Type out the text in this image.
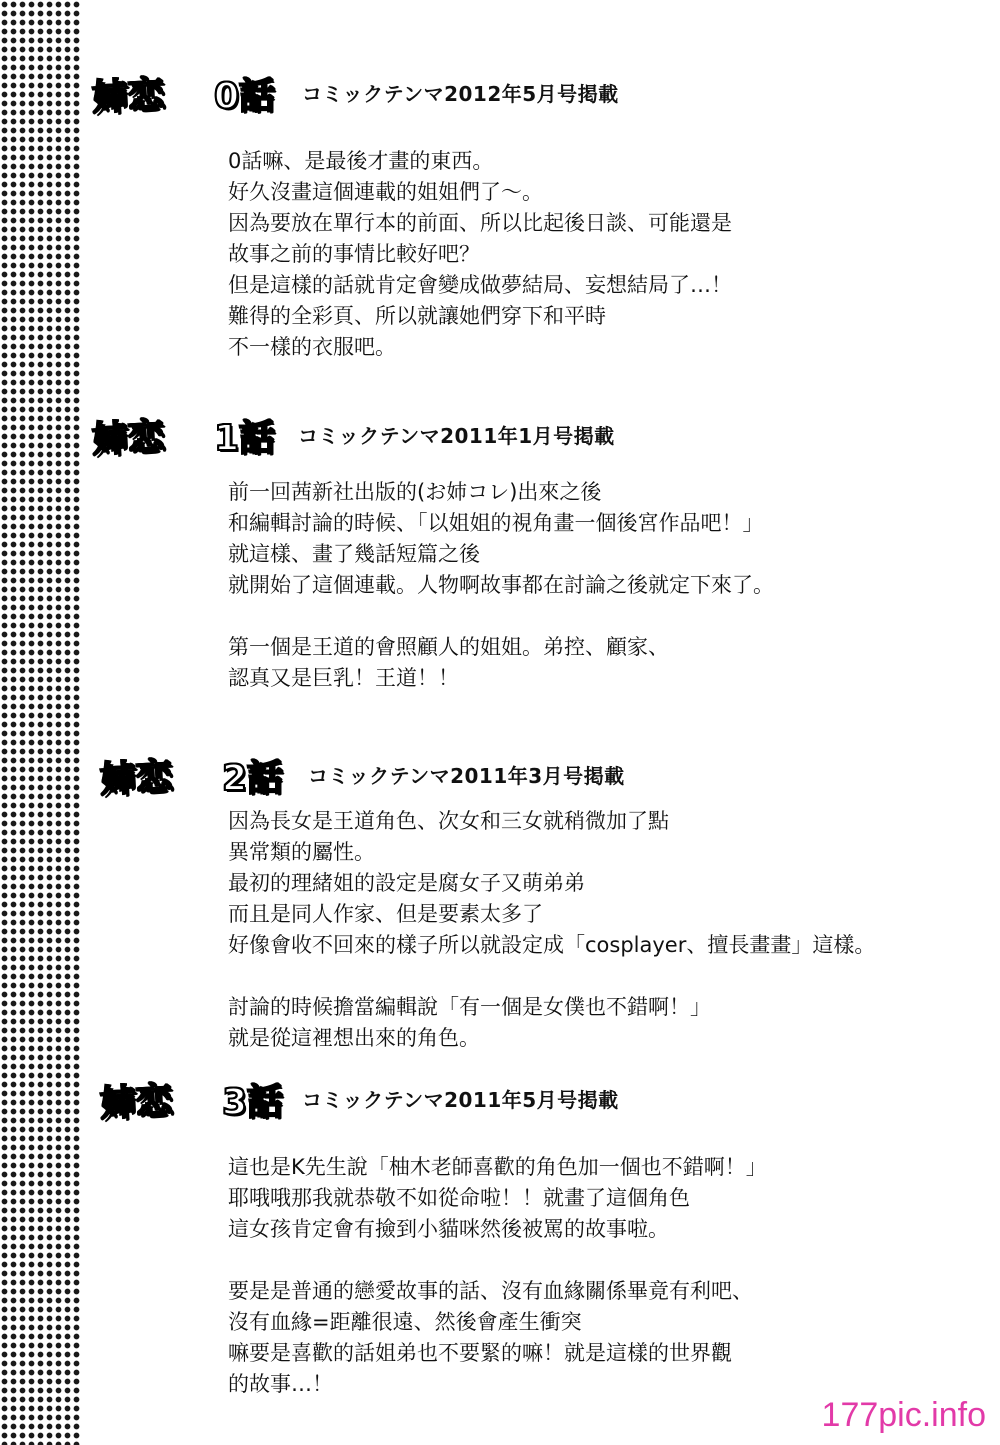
姉恋 0話 コミックテンマ2012年5月号掲載
0話嘛、是最後才畫的東西。
好久沒畫這個連載的姐姐們了～。
因為要放在單行本的前面、所以比起後日談、可能還是
故事之前的事情比較好吧？
但是這樣的話就肯定會變成做夢結局、妄想結局了…！
難得的全彩頁、所以就讓她們穿下和平時
不一樣的衣服吧。
姉恋 1話 コミックテンマ2011年1月号掲載
前一回茜新社出版的(お姉コレ)出來之後
和編輯討論的時候、「以姐姐的視角畫一個後宮作品吧！」
就這樣、畫了幾話短篇之後
就開始了這個連載。人物啊故事都在討論之後就定下來了。
第一個是王道的會照顧人的姐姐。弟控、顧家、
認真又是巨乳！王道！！
姉恋 2話 コミックテンマ2011年3月号掲載
因為長女是王道角色、次女和三女就稍微加了點
異常類的屬性。
最初的理緒姐的設定是腐女子又萌弟弟
而且是同人作家、但是要素太多了
好像會收不回來的樣子所以就設定成「cosplayer、擅長畫畫」這樣。
討論的時候擔當編輯說「有一個是女僕也不錯啊！」
就是從這裡想出來的角色。
姉恋 3話 コミックテンマ2011年5月号掲載
這也是K先生說「柚木老師喜歡的角色加一個也不錯啊！」
耶哦哦那我就恭敬不如從命啦！！就畫了這個角色
這女孩肯定會有撿到小貓咪然後被罵的故事啦。
要是是普通的戀愛故事的話、沒有血緣關係畢竟有利吧、
沒有血緣=距離很遠、然後會產生衝突
嘛要是喜歡的話姐弟也不要緊的嘛！就是這樣的世界觀
的故事…！
177pic.info
